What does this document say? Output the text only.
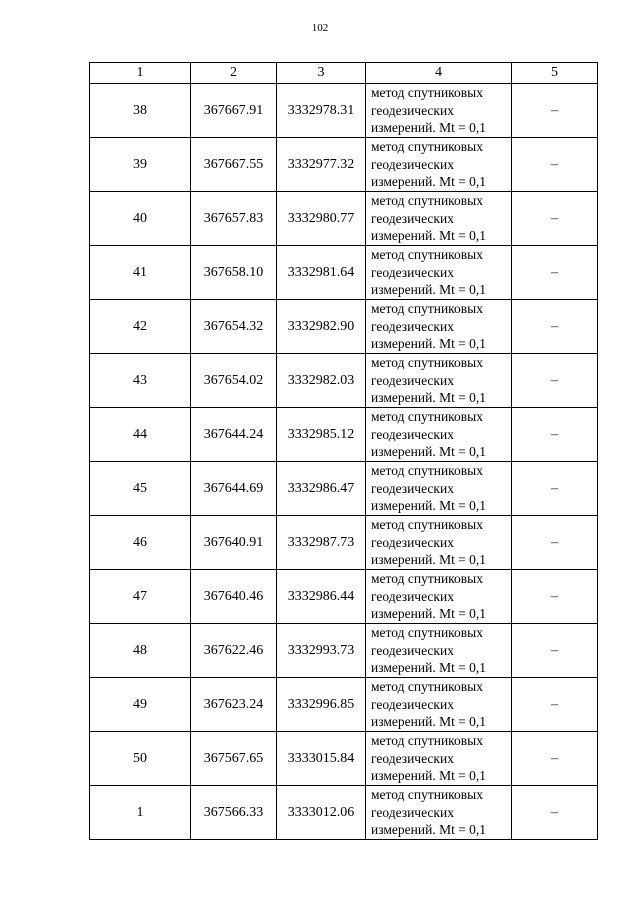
102
1	2	3	4	5
38	367667.91	3332978.31	метод спутниковых
геодезических
измерений. Mt = 0,1	–
39	367667.55	3332977.32	метод спутниковых
геодезических
измерений. Mt = 0,1	–
40	367657.83	3332980.77	метод спутниковых
геодезических
измерений. Mt = 0,1	–
41	367658.10	3332981.64	метод спутниковых
геодезических
измерений. Mt = 0,1	–
42	367654.32	3332982.90	метод спутниковых
геодезических
измерений. Mt = 0,1	–
43	367654.02	3332982.03	метод спутниковых
геодезических
измерений. Mt = 0,1	–
44	367644.24	3332985.12	метод спутниковых
геодезических
измерений. Mt = 0,1	–
45	367644.69	3332986.47	метод спутниковых
геодезических
измерений. Mt = 0,1	–
46	367640.91	3332987.73	метод спутниковых
геодезических
измерений. Mt = 0,1	–
47	367640.46	3332986.44	метод спутниковых
геодезических
измерений. Mt = 0,1	–
48	367622.46	3332993.73	метод спутниковых
геодезических
измерений. Mt = 0,1	–
49	367623.24	3332996.85	метод спутниковых
геодезических
измерений. Mt = 0,1	–
50	367567.65	3333015.84	метод спутниковых
геодезических
измерений. Mt = 0,1	–
1	367566.33	3333012.06	метод спутниковых
геодезических
измерений. Mt = 0,1	–
